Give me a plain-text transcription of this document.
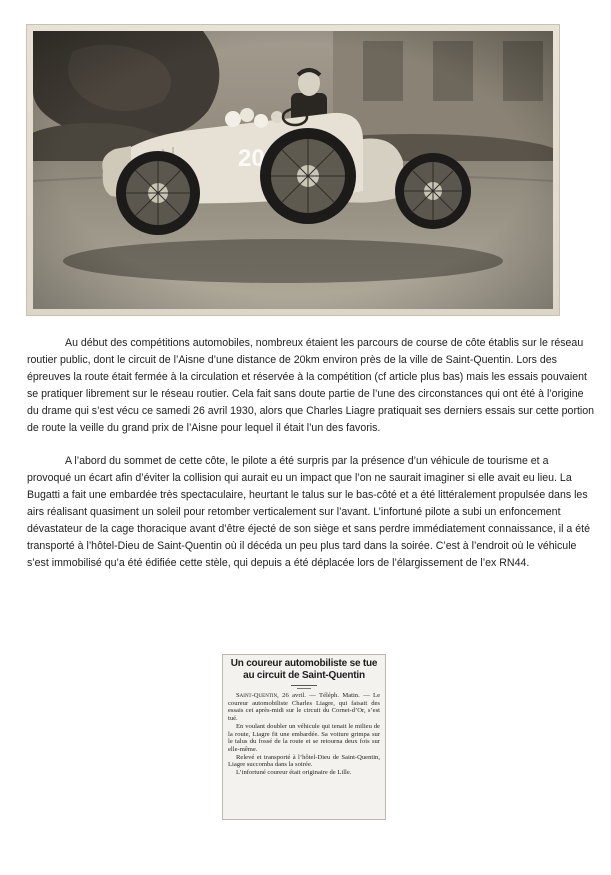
Au début des compétitions automobiles, nombreux étaient les parcours de course de côte établis sur le réseau routier public, dont le circuit de l’Aisne d’une distance de 20km environ près de la ville de Saint-Quentin. Lors des épreuves la route était fermée à la circulation et réservée à la compétition (cf article plus bas) mais les essais pouvaient se pratiquer librement sur le réseau routier. Cela fait sans doute partie de l’une des circonstances qui ont été à l’origine du drame qui s’est vécu ce samedi 26 avril 1930, alors que Charles Liagre pratiquait ses derniers essais sur cette portion de route la veille du grand prix de l’Aisne pour lequel il était l’un des favoris.

A l’abord du sommet de cette côte, le pilote a été surpris par la présence d’un véhicule de tourisme et a provoqué un écart afin d’éviter la collision qui aurait eu un impact que l’on ne saurait imaginer si elle avait eu lieu. La Bugatti a fait une embardée très spectaculaire, heurtant le talus sur le bas-côté et a été littéralement propulsée dans les airs réalisant quasiment un soleil pour retomber verticalement sur l’avant. L’infortuné pilote a subi un enfoncement dévastateur de la cage thoracique avant d’être éjecté de son siège et sans perdre immédiatement connaissance, il a été transporté à l’hôtel-Dieu de Saint-Quentin où il décéda un peu plus tard dans la soirée. C’est à l’endroit où le véhicule s’est immobilisé qu’a été édifiée cette stèle, qui depuis a été déplacée lors de l’élargissement de l’ex RN44.

Un coureur automobiliste se tue au circuit de Saint-Quentin

Saint-Quentin, 26 avril. — Téléph. Matin. — Le coureur automobiliste Charles Liagre, qui faisait des essais cet après-midi sur le circuit du Cornet-d’Or, s’est tué.

En voulant doubler un véhicule qui tenait le milieu de la route, Liagre fit une embardée. Sa voiture grimpa sur le talus du fossé de la route et se retourna deux fois sur elle-même.

Relevé et transporté à l’hôtel-Dieu de Saint-Quentin, Liagre succomba dans la soirée.

L’infortuné coureur était originaire de Lille.
